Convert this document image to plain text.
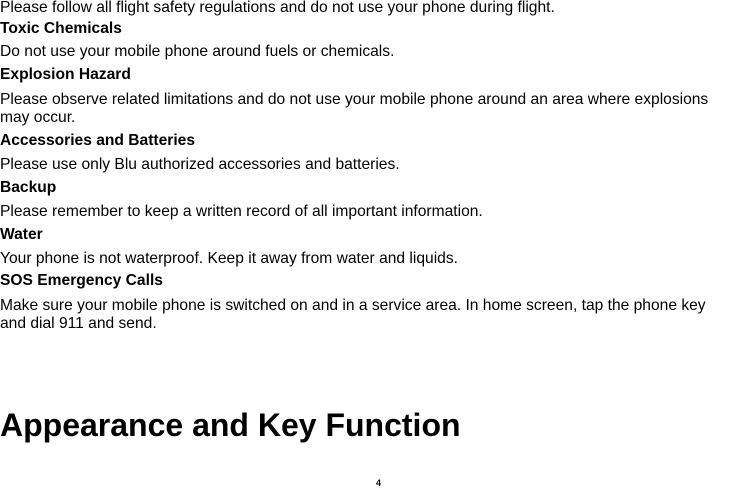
Please follow all flight safety regulations and do not use your phone during flight.
Toxic Chemicals
Do not use your mobile phone around fuels or chemicals.
Explosion Hazard
Please observe related limitations and do not use your mobile phone around an area where explosions
may occur.
Accessories and Batteries
Please use only Blu authorized accessories and batteries.
Backup
Please remember to keep a written record of all important information.
Water
Your phone is not waterproof. Keep it away from water and liquids.
SOS Emergency Calls
Make sure your mobile phone is switched on and in a service area. In home screen, tap the phone key
and dial 911 and send.
Appearance and Key Function
4
